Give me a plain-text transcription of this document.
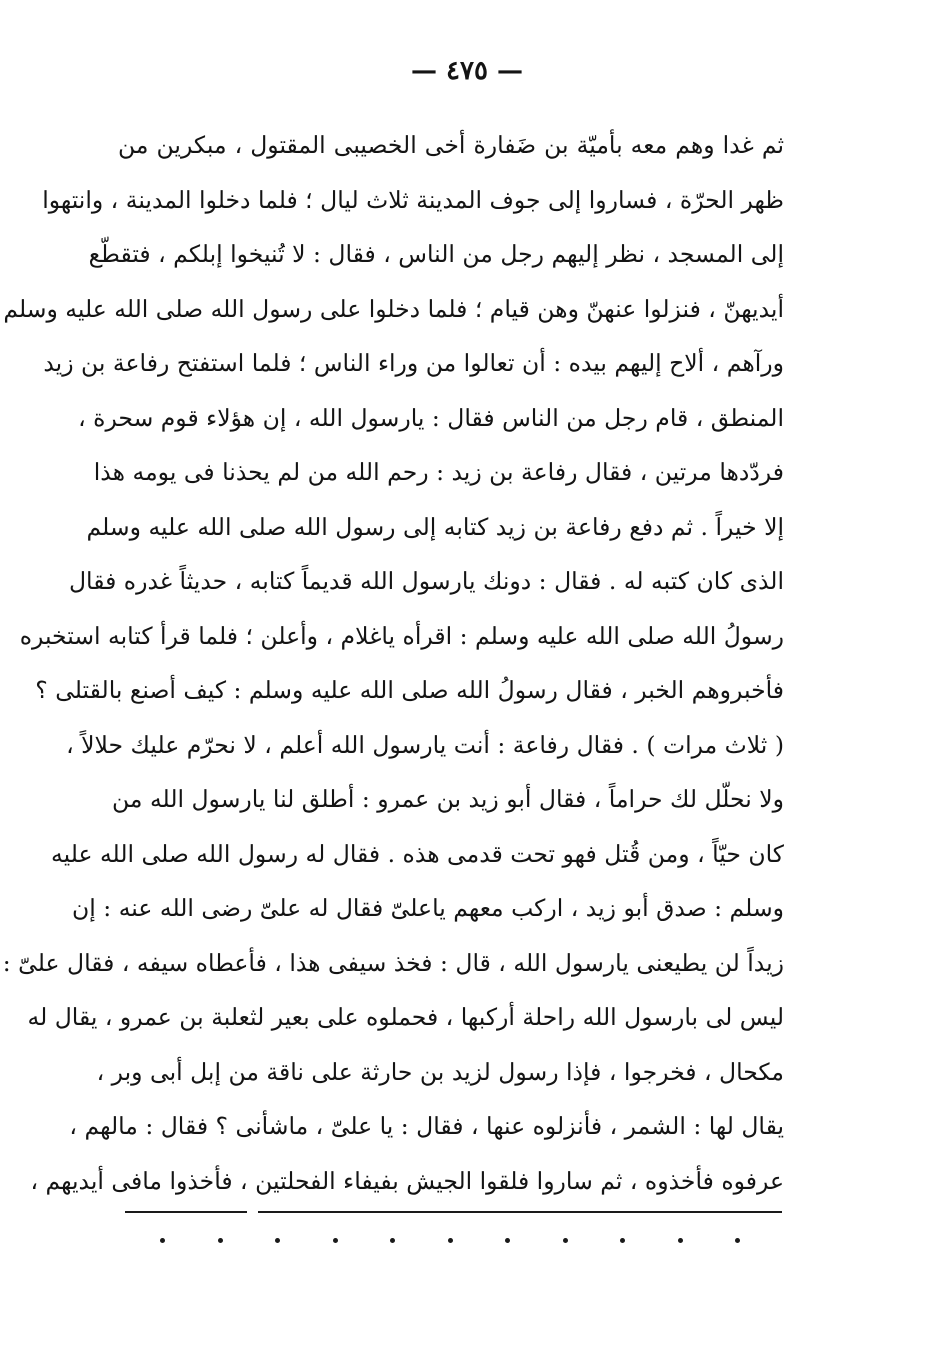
— ٤٧٥ —
ثم غدا وهم معه بأميّة بن ضَفارة أخى الخصيبى المقتول ، مبكرين من
ظهر الحرّة ، فساروا إلى جوف المدينة ثلاث ليال ؛ فلما دخلوا المدينة ، وانتهوا
إلى المسجد ، نظر إليهم رجل من الناس ، فقال : لا تُنيخوا إبلكم ، فتقطّع
أيديهنّ ، فنزلوا عنهنّ وهن قيام ؛ فلما دخلوا على رسول الله صلى الله عليه وسلم
ورآهم ، ألاح إليهم بيده : أن تعالوا من وراء الناس ؛ فلما استفتح رفاعة بن زيد
المنطق ، قام رجل من الناس فقال : يارسول الله ، إن هؤلاء قوم سحرة ،
فردّدها مرتين ، فقال رفاعة بن زيد : رحم الله من لم يحذنا فى يومه هذا
إلا خيراً . ثم دفع رفاعة بن زيد كتابه إلى رسول الله صلى الله عليه وسلم
الذى كان كتبه له . فقال : دونك يارسول الله قديماً كتابه ، حديثاً غدره فقال
رسولُ الله صلى الله عليه وسلم : اقرأه ياغلام ، وأعلن ؛ فلما قرأ كتابه استخبره
فأخبروهم الخبر ، فقال رسولُ الله صلى الله عليه وسلم : كيف أصنع بالقتلى ؟
( ثلاث مرات ) . فقال رفاعة : أنت يارسول الله أعلم ، لا نحرّم عليك حلالاً ،
ولا نحلّل لك حراماً ، فقال أبو زيد بن عمرو : أطلق لنا يارسول الله من
كان حيّاً ، ومن قُتل فهو تحت قدمى هذه . فقال له رسول الله صلى الله عليه
وسلم : صدق أبو زيد ، اركب معهم ياعلىّ فقال له علىّ رضى الله عنه : إن
زيداً لن يطيعنى يارسول الله ، قال : فخذ سيفى هذا ، فأعطاه سيفه ، فقال علىّ :
ليس لى بارسول الله راحلة أركبها ، فحملوه على بعير لثعلبة بن عمرو ، يقال له
مكحال ، فخرجوا ، فإذا رسول لزيد بن حارثة على ناقة من إبل أبى وبر ،
يقال لها : الشمر ، فأنزلوه عنها ، فقال : يا علىّ ، ماشأنى ؟ فقال : مالهم ،
عرفوه فأخذوه ، ثم ساروا فلقوا الجيش بفيفاء الفحلتين ، فأخذوا مافى أيديهم ،
